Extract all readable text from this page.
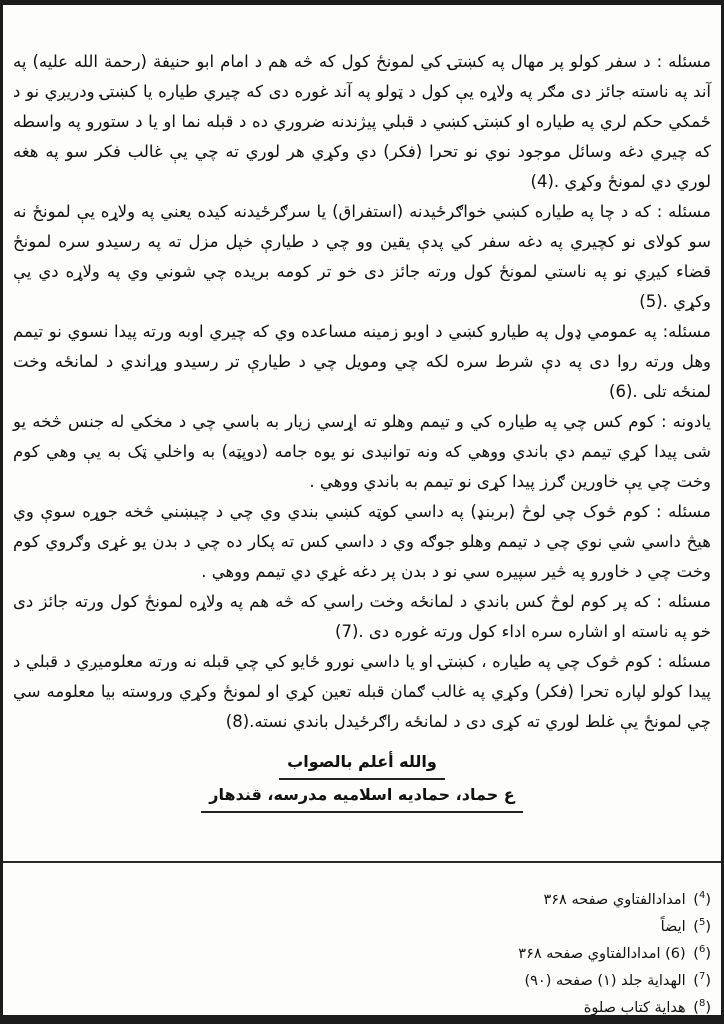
مسئله : د سفر کولو پر مهال په کښتۍ کي لمونځ کول که څه هم د امام ابو حنيفة (رحمة الله عليه) په آند په ناسته جائز دی مګر په ولاړه يې کول د ټولو په آند غوره دی که چيري طياره يا کښتۍ ودريږي نو د ځمکي حکم لري په طياره او کښتۍ کښي د قبلي پيژندنه ضروري ده د قبله نما او يا د ستورو په واسطه که چيري دغه وسائل موجود نوي نو تحرا (فکر) دي وکړي هر لوري ته چي يې غالب فکر سو په هغه لوري دي لمونځ وکړي .(4)

مسئله : که د چا په طياره کښي خواګرځيدنه (استفراق) يا سرګرځيدنه کيده يعني په ولاړه يې لمونځ نه سو کولای نو کچيري په دغه سفر کي پدې يقين وو چي د طيارې خپل مزل ته په رسيدو سره لمونځ قضاء کيږي نو په ناستي لمونځ کول ورته جائز دی خو تر کومه بريده چي شوني وي په ولاړه دي يې وکړي .(5)

مسئله: په عمومي ډول په طيارو کښي د اوبو زمينه مساعده وي که چيري اوبه ورته پيدا نسوي نو تيمم وهل ورته روا دی په دې شرط سره لکه چي ومويل چي د طيارې تر رسيدو وړاندي د لمانځه وخت لمنځه تلی .(6)

يادونه : کوم کس چي په طياره کي و تيمم وهلو ته اړسي زيار به باسي چي د مخکي له جنس څخه يو شی پيدا کړي تيمم دي باندي ووهي که ونه توانيدی نو يوه جامه (دوپټه) به واخلي ټک به يې وهي کوم وخت چي يې خاورين ګرز پيدا کړی نو تيمم به باندي ووهي .

مسئله : کوم څوک چي لوڅ (بربنډ) په داسي کوټه کښي بندي وي چي د چيښني څخه جوړه سوې وي هيڅ داسي شي نوي چي د تيمم وهلو جوګه وي د داسي کس ته پکار ده چي د بدن يو غړی وګروي کوم وخت چي د خاورو په څير سپيره سي نو د بدن پر دغه غړي دي تيمم ووهي .

مسئله : که پر کوم لوڅ کس باندي د لمانځه وخت راسي که څه هم په ولاړه لمونځ کول ورته جائز دی خو په ناسته او اشاره سره اداء کول ورته غوره دی .(7)

مسئله : کوم څوک چي په طياره ، کښتۍ او يا داسي نورو ځايو کي چي قبله نه ورته معلوميږي د قبلي د پيدا کولو لپاره تحرا (فکر) وکړي په غالب ګمان قبله تعين کړي او لمونځ وکړي وروسته بيا معلومه سي چي لمونځ يې غلط لوري ته کړی دی د لمانځه راګرځيدل باندي نسته.(8)

والله أعلم بالصواب
ع حماد، حماديه اسلاميه مدرسه، قندهار
($^4$) امدادالفتاوي صفحه ۳۶۸
($^5$) ايضاً
($^6$) (6) امدادالفتاوي صفحه ۳۶۸
($^7$) الهداية جلد (۱) صفحه (۹۰)
($^8$) هداية کتاب صلوة
